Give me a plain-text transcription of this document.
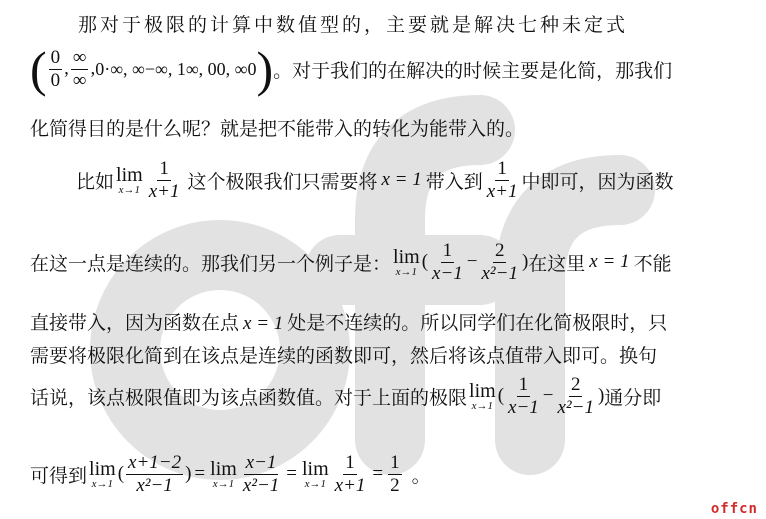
那对于极限的计算中数值型的，主要就是解决七种未定式
( $\frac{0}{0}$ , $\frac{\infty}{\infty}$ , 0·∞, ∞−∞, 1∞, 00, ∞0 ) 。对于我们的在解决的时候主要是化简，那我们
化简得目的是什么呢？就是把不能带入的转化为能带入的。
比如 lim
$x\to 1 \frac{1}{x+1}$ 这个极限我们只需要将 x = 1 带入到 $\frac{1}{x+1}$ 中即可，因为函数
在这一点是连续的。那我们另一个例子是： lim
x→1 ( $\frac{1}{x-1} - \frac{2}{\text{x²−1}}$ ) 在这里 x = 1 不能
直接带入，因为函数在点 x = 1 处是不连续的。所以同学们在化简极限时，只
需要将极限化简到在该点是连续的函数即可，然后将该点值带入即可。换句
话说，该点极限值即为该点函数值。对于上面的极限 lim
x→1 ( $\frac{1}{x-1} - \frac{2}{\text{x²−1}}$ ) 通分即
可得到 lim
x→1 ( $\frac{x+1-2}{\text{x²−1}}$ ) = lim
$x\to 1 \frac{x-1}{\text{x²−1}} = \lim$
$x\to 1 \frac{1}{x+1} = \frac{1}{2}$ 。
offcn
